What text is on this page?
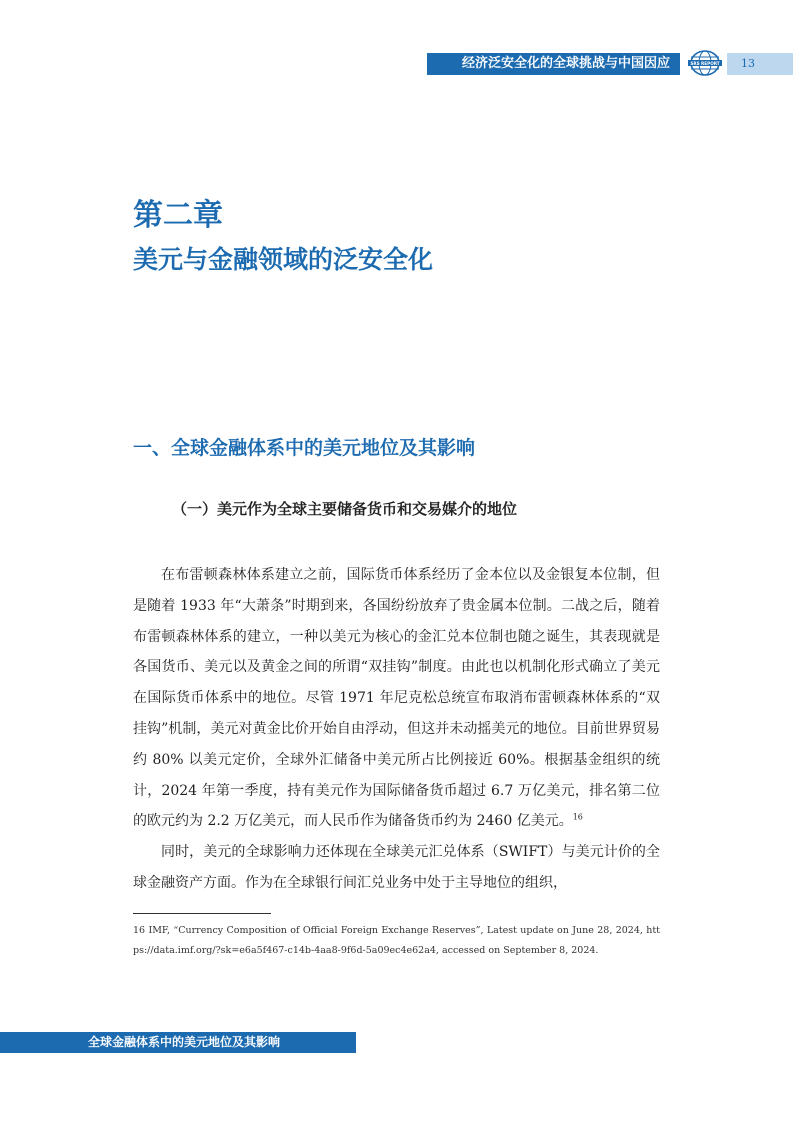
经济泛安全化的全球挑战与中国因应	SRS REPORT	13
第二章
美元与金融领域的泛安全化
一、全球金融体系中的美元地位及其影响
（一）美元作为全球主要储备货币和交易媒介的地位

在布雷顿森林体系建立之前，国际货币体系经历了金本位以及金银复本位制，但是随着 1933 年“大萧条”时期到来，各国纷纷放弃了贵金属本位制。二战之后，随着布雷顿森林体系的建立，一种以美元为核心的金汇兑本位制也随之诞生，其表现就是各国货币、美元以及黄金之间的所谓“双挂钩”制度。由此也以机制化形式确立了美元在国际货币体系中的地位。尽管 1971 年尼克松总统宣布取消布雷顿森林体系的“双挂钩”机制，美元对黄金比价开始自由浮动，但这并未动摇美元的地位。目前世界贸易约 80% 以美元定价，全球外汇储备中美元所占比例接近 60%。根据基金组织的统计，2024 年第一季度，持有美元作为国际储备货币超过 6.7 万亿美元，排名第二位的欧元约为 2.2 万亿美元，而人民币作为储备货币约为 2460 亿美元。$^{16}$

同时，美元的全球影响力还体现在全球美元汇兑体系（SWIFT）与美元计价的全球金融资产方面。作为在全球银行间汇兑业务中处于主导地位的组织，

16 IMF, “Currency Composition of Official Foreign Exchange Reserves”, Latest update on June 28, 2024, https://data.imf.org/?sk=e6a5f467-c14b-4aa8-9f6d-5a09ec4e62a4, accessed on September 8, 2024.

全球金融体系中的美元地位及其影响
